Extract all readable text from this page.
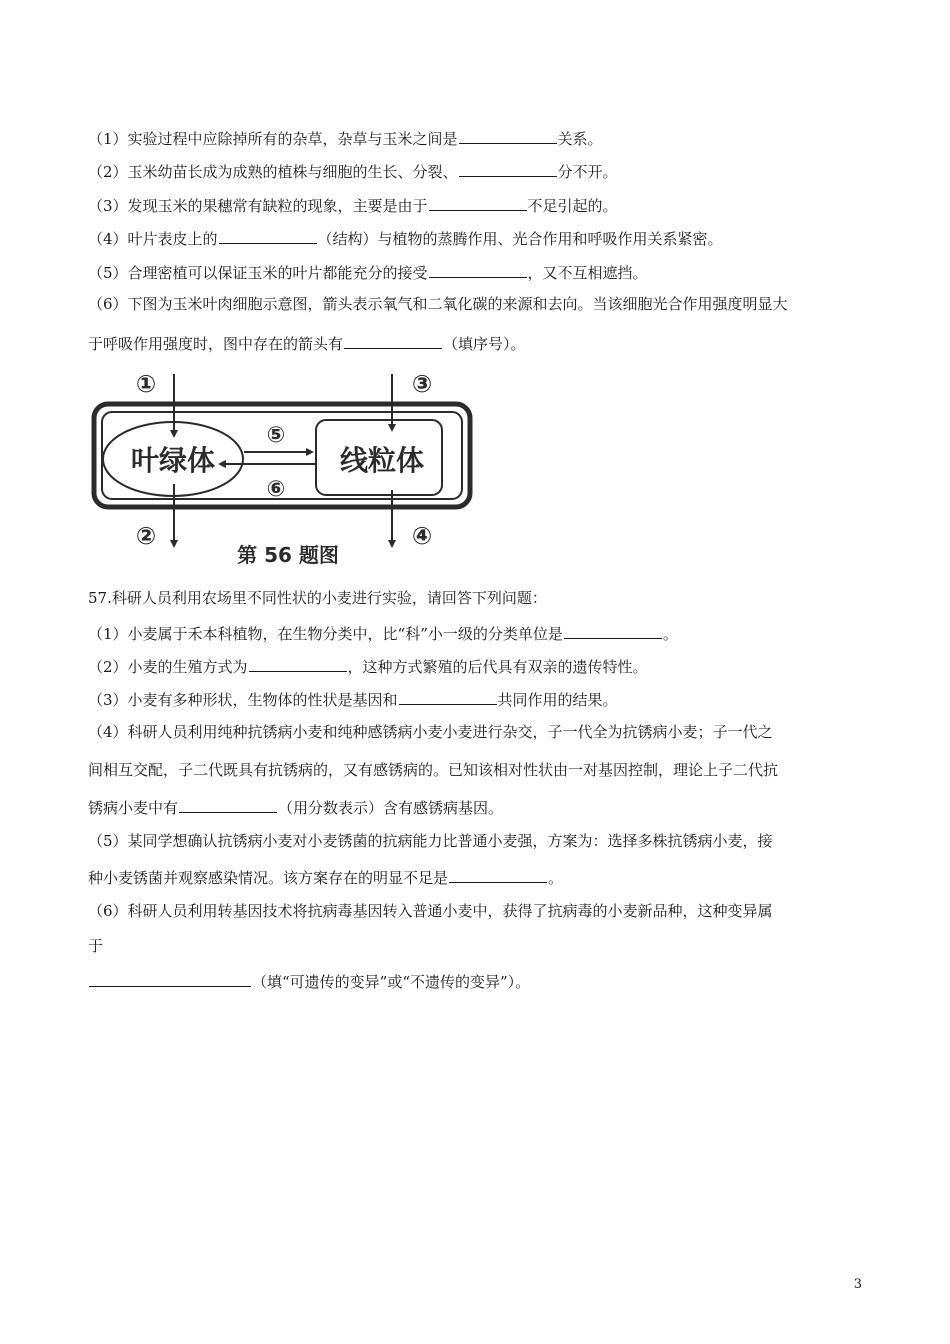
（1）实验过程中应除掉所有的杂草，杂草与玉米之间是	关系。
（2）玉米幼苗长成为成熟的植株与细胞的生长、分裂、	分不开。
（3）发现玉米的果穗常有缺粒的现象，主要是由于	不足引起的。
（4）叶片表皮上的	（结构）与植物的蒸腾作用、光合作用和呼吸作用关系紧密。
（5）合理密植可以保证玉米的叶片都能充分的接受	，又不互相遮挡。
（6）下图为玉米叶肉细胞示意图，箭头表示氧气和二氧化碳的来源和去向。当该细胞光合作用强度明显大
于呼吸作用强度时，图中存在的箭头有	（填序号）。
叶绿体	线粒体
⑤
⑥
①
②
③
④
第 56 题图
57.科研人员利用农场里不同性状的小麦进行实验，请回答下列问题：
（1）小麦属于禾本科植物，在生物分类中，比“科”小一级的分类单位是	。
（2）小麦的生殖方式为	，这种方式繁殖的后代具有双亲的遗传特性。
（3）小麦有多种形状，生物体的性状是基因和	共同作用的结果。
（4）科研人员利用纯种抗锈病小麦和纯种感锈病小麦小麦进行杂交，子一代全为抗锈病小麦；子一代之
间相互交配，子二代既具有抗锈病的，又有感锈病的。已知该相对性状由一对基因控制，理论上子二代抗
锈病小麦中有	（用分数表示）含有感锈病基因。
（5）某同学想确认抗锈病小麦对小麦锈菌的抗病能力比普通小麦强，方案为：选择多株抗锈病小麦，接
种小麦锈菌并观察感染情况。该方案存在的明显不足是	。
（6）科研人员利用转基因技术将抗病毒基因转入普通小麦中，获得了抗病毒的小麦新品种，这种变异属
于
（填“可遗传的变异”或“不遗传的变异”）。
3
